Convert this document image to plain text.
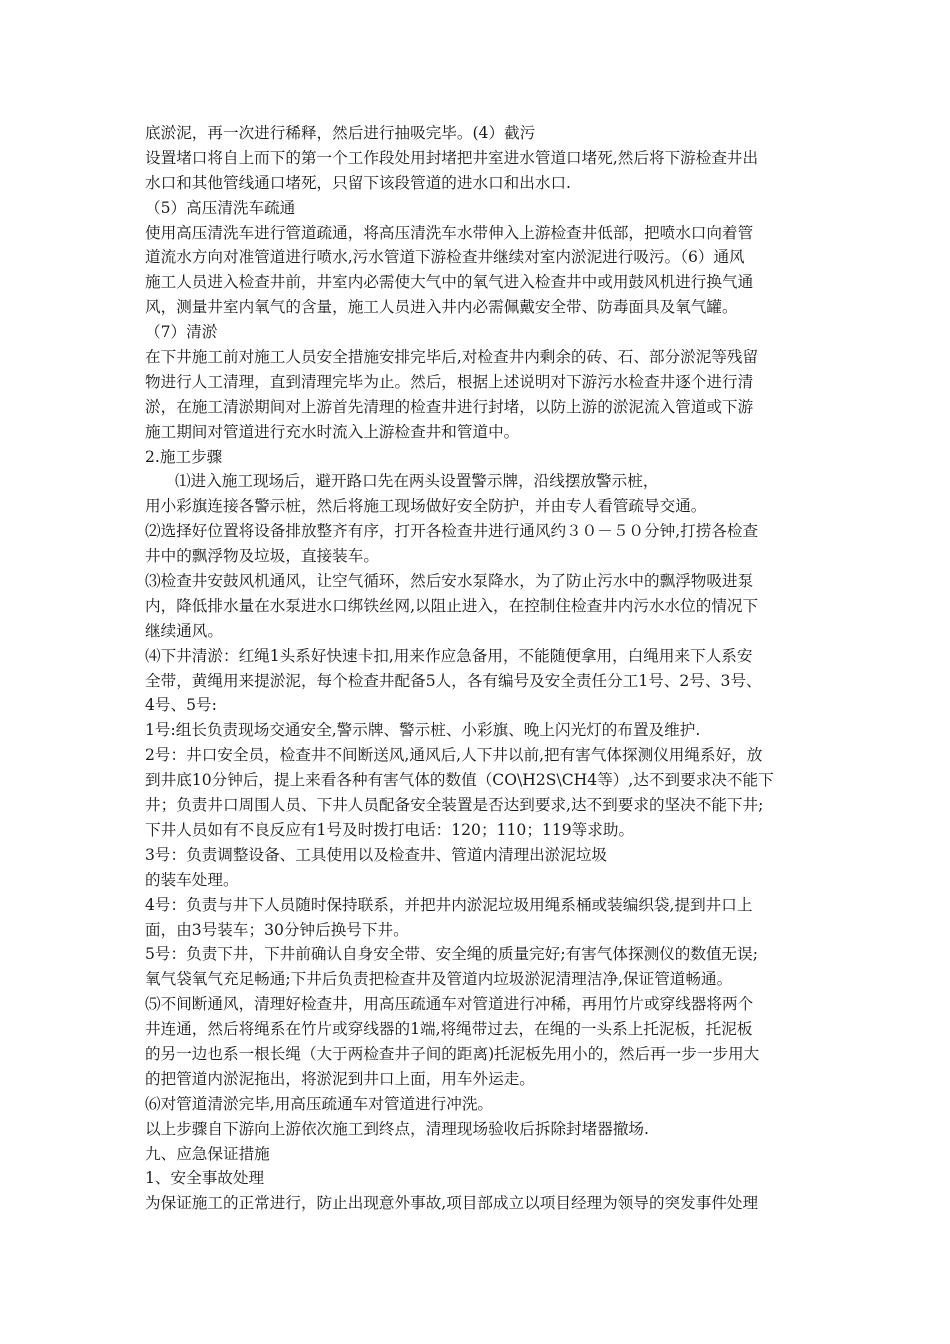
底淤泥，再一次进行稀释，然后进行抽吸完毕。(4）截污
设置堵口将自上而下的第一个工作段处用封堵把井室进水管道口堵死,然后将下游检查井出
水口和其他管线通口堵死，只留下该段管道的进水口和出水口.
（5）高压清洗车疏通
使用高压清洗车进行管道疏通，将高压清洗车水带伸入上游检查井低部，把喷水口向着管
道流水方向对准管道进行喷水,污水管道下游检查井继续对室内淤泥进行吸污。（6）通风
施工人员进入检查井前，井室内必需使大气中的氧气进入检查井中或用鼓风机进行换气通
风，测量井室内氧气的含量，施工人员进入井内必需佩戴安全带、防毒面具及氧气罐。
（7）清淤
在下井施工前对施工人员安全措施安排完毕后,对检查井内剩余的砖、石、部分淤泥等残留
物进行人工清理，直到清理完毕为止。然后，根据上述说明对下游污水检查井逐个进行清
淤，在施工清淤期间对上游首先清理的检查井进行封堵，以防上游的淤泥流入管道或下游
施工期间对管道进行充水时流入上游检查井和管道中。
2.施工步骤
⑴进入施工现场后，避开路口先在两头设置警示牌，沿线摆放警示桩，
用小彩旗连接各警示桩，然后将施工现场做好安全防护，并由专人看管疏导交通。
⑵选择好位置将设备排放整齐有序，打开各检查井进行通风约３０－５０分钟,打捞各检查
井中的飘浮物及垃圾，直接装车。
⑶检查井安鼓风机通风，让空气循环，然后安水泵降水，为了防止污水中的飘浮物吸进泵
内，降低排水量在水泵进水口绑铁丝网,以阻止进入，在控制住检查井内污水水位的情况下
继续通风。
⑷下井清淤：红绳1头系好快速卡扣,用来作应急备用，不能随便拿用，白绳用来下人系安
全带，黄绳用来提淤泥，每个检查井配备5人，各有编号及安全责任分工1号、2号、3号、
4号、5号:
1号:组长负责现场交通安全,警示牌、警示桩、小彩旗、晚上闪光灯的布置及维护.
2号：井口安全员，检查井不间断送风,通风后,人下井以前,把有害气体探测仪用绳系好，放
到井底10分钟后，提上来看各种有害气体的数值（CO\H2S\CH4等）,达不到要求决不能下
井；负责井口周围人员、下井人员配备安全装置是否达到要求,达不到要求的坚决不能下井;
下井人员如有不良反应有1号及时拨打电话：120；110；119等求助。
3号：负责调整设备、工具使用以及检查井、管道内清理出淤泥垃圾
的装车处理。
4号：负责与井下人员随时保持联系，并把井内淤泥垃圾用绳系桶或装编织袋,提到井口上
面，由3号装车；30分钟后换号下井。
5号：负责下井，下井前确认自身安全带、安全绳的质量完好;有害气体探测仪的数值无误;
氧气袋氧气充足畅通;下井后负责把检查井及管道内垃圾淤泥清理洁净,保证管道畅通。
⑸不间断通风，清理好检查井，用高压疏通车对管道进行冲稀，再用竹片或穿线器将两个
井连通，然后将绳系在竹片或穿线器的1端,将绳带过去，在绳的一头系上托泥板，托泥板
的另一边也系一根长绳（大于两检查井子间的距离)托泥板先用小的，然后再一步一步用大
的把管道内淤泥拖出，将淤泥到井口上面，用车外运走。
⑹对管道清淤完毕,用高压疏通车对管道进行冲洗。
以上步骤自下游向上游依次施工到终点，清理现场验收后拆除封堵器撤场.
九、应急保证措施
1、安全事故处理
为保证施工的正常进行，防止出现意外事故,项目部成立以项目经理为领导的突发事件处理
